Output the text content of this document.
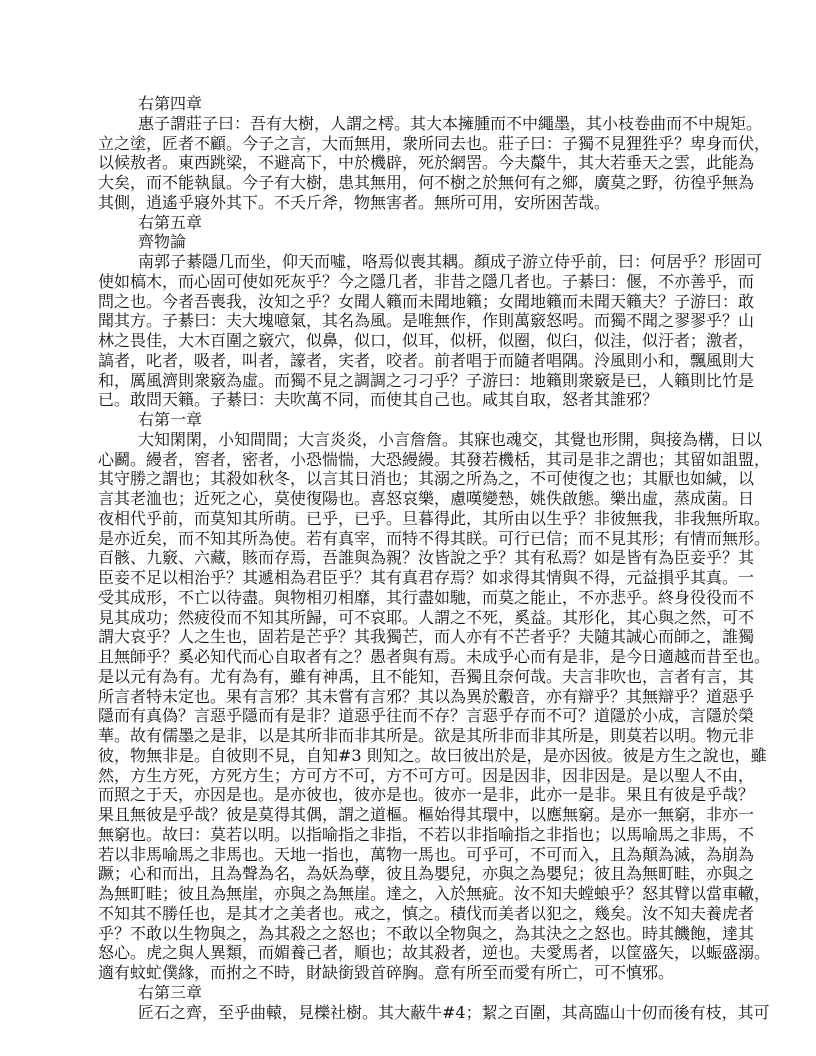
右第四章
惠子謂莊子曰：吾有大樹，人謂之樗。其大本擁腫而不中繩墨，其小枝卷曲而不中規矩。
立之塗，匠者不顧。今子之言，大而無用，衆所同去也。莊子曰：子獨不見狸狌乎？卑身而伏，
以候敖者。東西跳梁，不避高下，中於機辟，死於網罟。今夫斄牛，其大若垂天之雲，此能為
大矣，而不能執鼠。今子有大樹，患其無用，何不樹之於無何有之鄉，廣莫之野，彷徨乎無為
其側，逍遙乎寢外其下。不夭斤斧，物無害者。無所可用，安所困苦哉。
右第五章
齊物論
南郭子綦隱几而坐，仰天而噓，咯焉似喪其耦。顏成子游立侍乎前，曰：何居乎？形固可
使如槁木，而心固可使如死灰乎？今之隱几者，非昔之隱几者也。子綦曰：偃，不亦善乎，而
問之也。今者吾喪我，汝知之乎？女聞人籟而未聞地籟；女聞地籟而未聞天籟夫？子游曰：敢
聞其方。子綦曰：夫大塊噫氣，其名為風。是唯無作，作則萬竅怒呺。而獨不聞之翏翏乎？山
林之畏佳，大木百圍之竅穴，似鼻，似口，似耳，似枅，似圈，似臼，似洼，似汙者；激者，
謞者，叱者，吸者，叫者，譹者，宎者，咬者。前者唱于而隨者唱隅。泠風則小和，飄風則大
和，厲風濟則衆竅為虛。而獨不見之調調之刁刁乎？子游曰：地籟則衆竅是已，人籟則比竹是
已。敢問天籟。子綦曰：夫吹萬不同，而使其自己也。咸其自取，怒者其誰邪？
右第一章
大知閑閑，小知間間；大言炎炎，小言詹詹。其寐也魂交，其覺也形開，與接為構，日以
心鬬。縵者，窖者，密者，小恐惴惴，大恐縵縵。其發若機栝，其司是非之謂也；其留如詛盟，
其守勝之謂也；其殺如秋冬，以言其日消也；其溺之所為之，不可使復之也；其厭也如緘，以
言其老洫也；近死之心，莫使復陽也。喜怒哀樂，慮嘆變慹，姚佚啟態。樂出虛，蒸成菌。日
夜相代乎前，而莫知其所萌。已乎，已乎。旦暮得此，其所由以生乎？非彼無我，非我無所取。
是亦近矣，而不知其所為使。若有真宰，而特不得其眹。可行已信；而不見其形；有情而無形。
百骸、九竅、六藏，賅而存焉，吾誰與為親？汝皆說之乎？其有私焉？如是皆有為臣妾乎？其
臣妾不足以相治乎？其遞相為君臣乎？其有真君存焉？如求得其情與不得，元益損乎其真。一
受其成形，不亡以待盡。與物相刃相靡，其行盡如馳，而莫之能止，不亦悲乎。終身役役而不
見其成功；然疲役而不知其所歸，可不哀耶。人謂之不死，奚益。其形化，其心與之然，可不
謂大哀乎？人之生也，固若是芒乎？其我獨芒，而人亦有不芒者乎？夫隨其誠心而師之，誰獨
且無師乎？奚必知代而心自取者有之？愚者與有焉。未成乎心而有是非，是今日適越而昔至也。
是以元有為有。尤有為有，雖有神禹，且不能知，吾獨且奈何哉。夫言非吹也，言者有言，其
所言者特未定也。果有言邪？其未嘗有言邪？其以為異於鷇音，亦有辯乎？其無辯乎？道惡乎
隱而有真偽？言惡乎隱而有是非？道惡乎往而不存？言惡乎存而不可？道隱於小成，言隱於榮
華。故有儒墨之是非，以是其所非而非其所是。欲是其所非而非其所是，則莫若以明。物元非
彼，物無非是。自彼則不見，自知#3 則知之。故曰彼出於是，是亦因彼。彼是方生之說也，雖
然，方生方死，方死方生；方可方不可，方不可方可。因是因非，因非因是。是以聖人不由，
而照之于天，亦因是也。是亦彼也，彼亦是也。彼亦一是非，此亦一是非。果且有彼是乎哉？
果且無彼是乎哉？彼是莫得其偶，謂之道樞。樞始得其環中，以應無窮。是亦一無窮，非亦一
無窮也。故曰：莫若以明。以指喻指之非指，不若以非指喻指之非指也；以馬喻馬之非馬，不
若以非馬喻馬之非馬也。天地一指也，萬物一馬也。可乎可，不可而入，且為顛為滅，為崩為
蹶；心和而出，且為聲為名，為妖為孽，彼且為嬰兒，亦與之為嬰兒；彼且為無町畦，亦與之
為無町畦；彼且為無崖，亦與之為無崖。達之，入於無疵。汝不知夫螳蜋乎？怒其臂以當車轍，
不知其不勝任也，是其才之美者也。戒之，慎之。積伐而美者以犯之，幾矣。汝不知夫養虎者
乎？不敢以生物與之，為其殺之之怒也；不敢以全物與之，為其決之之怒也。時其饑飽，達其
怒心。虎之與人異類，而媚養己者，順也；故其殺者，逆也。夫愛馬者，以筐盛矢，以蜄盛溺。
適有蚊虻僕緣，而拊之不時，財缺銜毀首碎胸。意有所至而愛有所亡，可不慎邪。
右第三章
匠石之齊，至乎曲轅，見櫟社樹。其大蔽牛#4；絜之百圍，其高臨山十仞而後有枝，其可
